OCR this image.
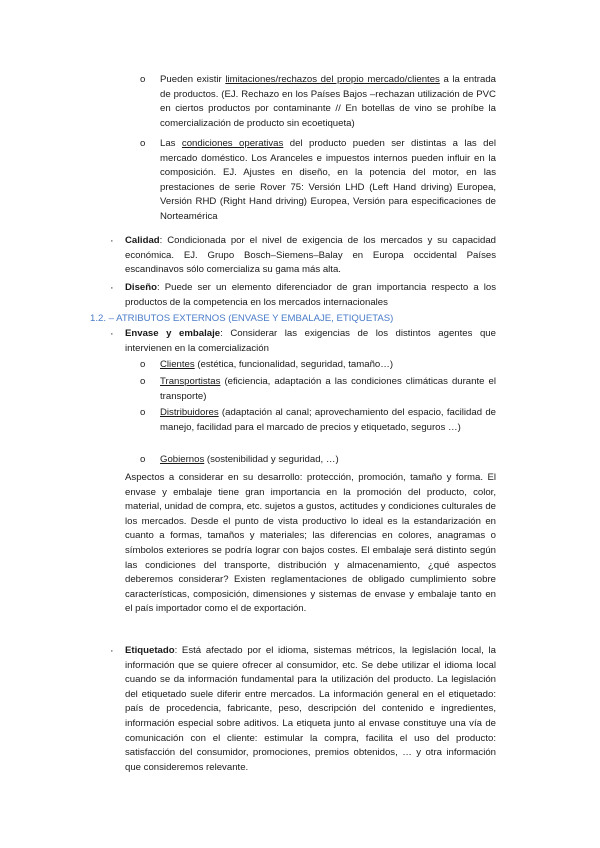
o Pueden existir limitaciones/rechazos del propio mercado/clientes a la entrada de productos. (EJ. Rechazo en los Países Bajos –rechazan utilización de PVC en ciertos productos por contaminante // En botellas de vino se prohíbe la comercialización de producto sin ecoetiqueta)

o Las condiciones operativas del producto pueden ser distintas a las del mercado doméstico. Los Aranceles e impuestos internos pueden influir en la composición. EJ. Ajustes en diseño, en la potencia del motor, en las prestaciones de serie Rover 75: Versión LHD (Left Hand driving) Europea, Versión RHD (Right Hand driving) Europea, Versión para especificaciones de Norteamérica

· Calidad: Condicionada por el nivel de exigencia de los mercados y su capacidad económica. EJ. Grupo Bosch–Siemens–Balay en Europa occidental Países escandinavos sólo comercializa su gama más alta.

· Diseño: Puede ser un elemento diferenciador de gran importancia respecto a los productos de la competencia en los mercados internacionales

1.2. – ATRIBUTOS EXTERNOS (ENVASE Y EMBALAJE, ETIQUETAS)
· Envase y embalaje: Considerar las exigencias de los distintos agentes que intervienen en la comercialización

o Clientes (estética, funcionalidad, seguridad, tamaño…)

o Transportistas (eficiencia, adaptación a las condiciones climáticas durante el transporte)

o Distribuidores (adaptación al canal; aprovechamiento del espacio, facilidad de manejo, facilidad para el marcado de precios y etiquetado, seguros …)

o Gobiernos (sostenibilidad y seguridad, …)

Aspectos a considerar en su desarrollo: protección, promoción, tamaño y forma. El envase y embalaje tiene gran importancia en la promoción del producto, color, material, unidad de compra, etc. sujetos a gustos, actitudes y condiciones culturales de los mercados. Desde el punto de vista productivo lo ideal es la estandarización en cuanto a formas, tamaños y materiales; las diferencias en colores, anagramas o símbolos exteriores se podría lograr con bajos costes. El embalaje será distinto según las condiciones del transporte, distribución y almacenamiento, ¿qué aspectos deberemos considerar? Existen reglamentaciones de obligado cumplimiento sobre características, composición, dimensiones y sistemas de envase y embalaje tanto en el país importador como el de exportación.
· Etiquetado: Está afectado por el idioma, sistemas métricos, la legislación local, la información que se quiere ofrecer al consumidor, etc. Se debe utilizar el idioma local cuando se da información fundamental para la utilización del producto. La legislación del etiquetado suele diferir entre mercados. La información general en el etiquetado: país de procedencia, fabricante, peso, descripción del contenido e ingredientes, información especial sobre aditivos. La etiqueta junto al envase constituye una vía de comunicación con el cliente: estimular la compra, facilita el uso del producto: satisfacción del consumidor, promociones, premios obtenidos, … y otra información que consideremos relevante.
